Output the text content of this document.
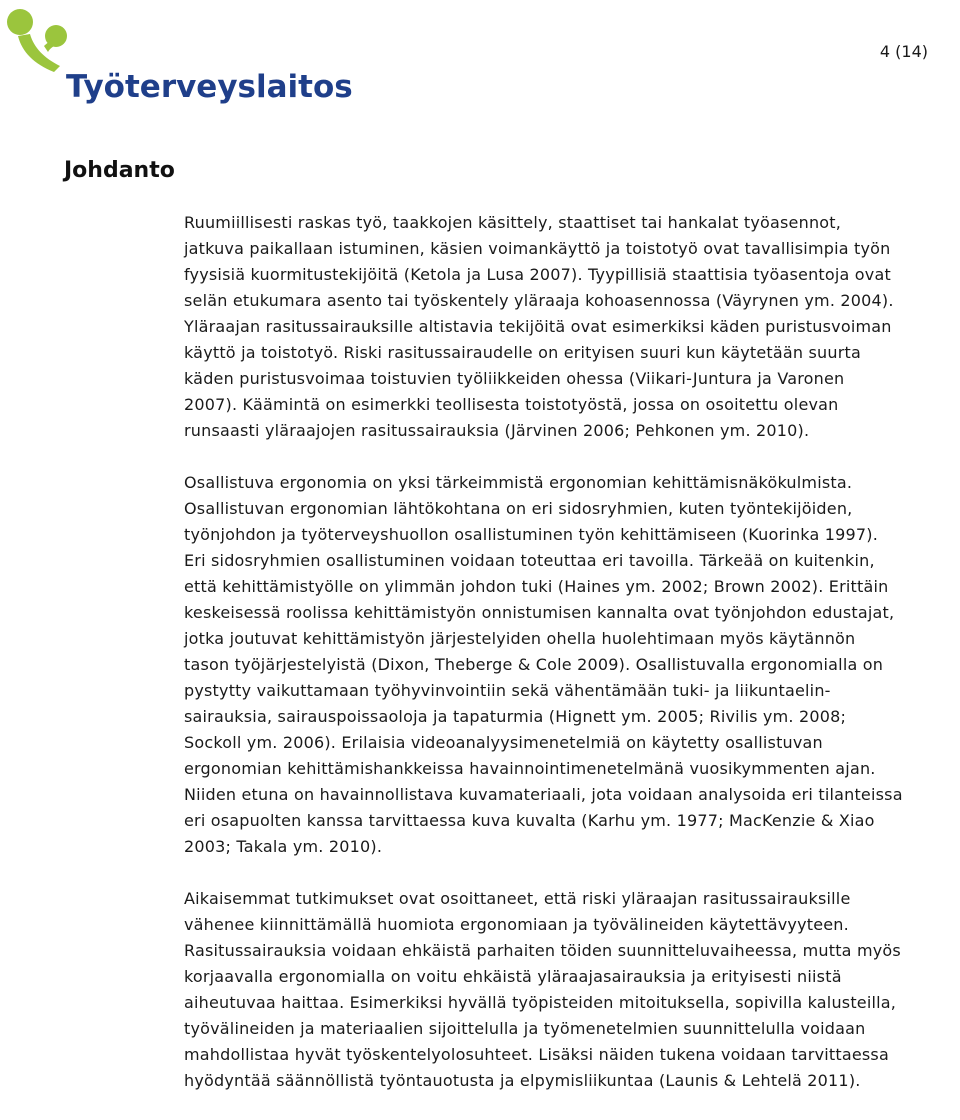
Työterveyslaitos
4 (14)
Johdanto

Ruumiillisesti raskas työ, taakkojen käsittely, staattiset tai hankalat työasennot,
jatkuva paikallaan istuminen, käsien voimankäyttö ja toistotyö ovat tavallisimpia työn
fyysisiä kuormitustekijöitä (Ketola ja Lusa 2007). Tyypillisiä staattisia työasentoja ovat
selän etukumara asento tai työskentely yläraaja kohoasennossa (Väyrynen ym. 2004).
Yläraajan rasitussairauksille altistavia tekijöitä ovat esimerkiksi käden puristusvoiman
käyttö ja toistotyö. Riski rasitussairaudelle on erityisen suuri kun käytetään suurta
käden puristusvoimaa toistuvien työliikkeiden ohessa (Viikari-Juntura ja Varonen
2007). Käämintä on esimerkki teollisesta toistotyöstä, jossa on osoitettu olevan
runsaasti yläraajojen rasitussairauksia (Järvinen 2006; Pehkonen ym. 2010).

Osallistuva ergonomia on yksi tärkeimmistä ergonomian kehittämisnäkökulmista.
Osallistuvan ergonomian lähtökohtana on eri sidosryhmien, kuten työntekijöiden,
työnjohdon ja työterveyshuollon osallistuminen työn kehittämiseen (Kuorinka 1997).
Eri sidosryhmien osallistuminen voidaan toteuttaa eri tavoilla. Tärkeää on kuitenkin,
että kehittämistyölle on ylimmän johdon tuki (Haines ym. 2002; Brown 2002). Erittäin
keskeisessä roolissa kehittämistyön onnistumisen kannalta ovat työnjohdon edustajat,
jotka joutuvat kehittämistyön järjestelyiden ohella huolehtimaan myös käytännön
tason työjärjestelyistä (Dixon, Theberge & Cole 2009). Osallistuvalla ergonomialla on
pystytty vaikuttamaan työhyvinvointiin sekä vähentämään tuki- ja liikuntaelin-
sairauksia, sairauspoissaoloja ja tapaturmia (Hignett ym. 2005; Rivilis ym. 2008;
Sockoll ym. 2006). Erilaisia videoanalyysimenetelmiä on käytetty osallistuvan
ergonomian kehittämishankkeissa havainnointimenetelmänä vuosikymmenten ajan.
Niiden etuna on havainnollistava kuvamateriaali, jota voidaan analysoida eri tilanteissa
eri osapuolten kanssa tarvittaessa kuva kuvalta (Karhu ym. 1977; MacKenzie & Xiao
2003; Takala ym. 2010).

Aikaisemmat tutkimukset ovat osoittaneet, että riski yläraajan rasitussairauksille
vähenee kiinnittämällä huomiota ergonomiaan ja työvälineiden käytettävyyteen.
Rasitussairauksia voidaan ehkäistä parhaiten töiden suunnitteluvaiheessa, mutta myös
korjaavalla ergonomialla on voitu ehkäistä yläraajasairauksia ja erityisesti niistä
aiheutuvaa haittaa. Esimerkiksi hyvällä työpisteiden mitoituksella, sopivilla kalusteilla,
työvälineiden ja materiaalien sijoittelulla ja työmenetelmien suunnittelulla voidaan
mahdollistaa hyvät työskentelyolosuhteet. Lisäksi näiden tukena voidaan tarvittaessa
hyödyntää säännöllistä työntauotusta ja elpymisliikuntaa (Launis & Lehtelä 2011).
